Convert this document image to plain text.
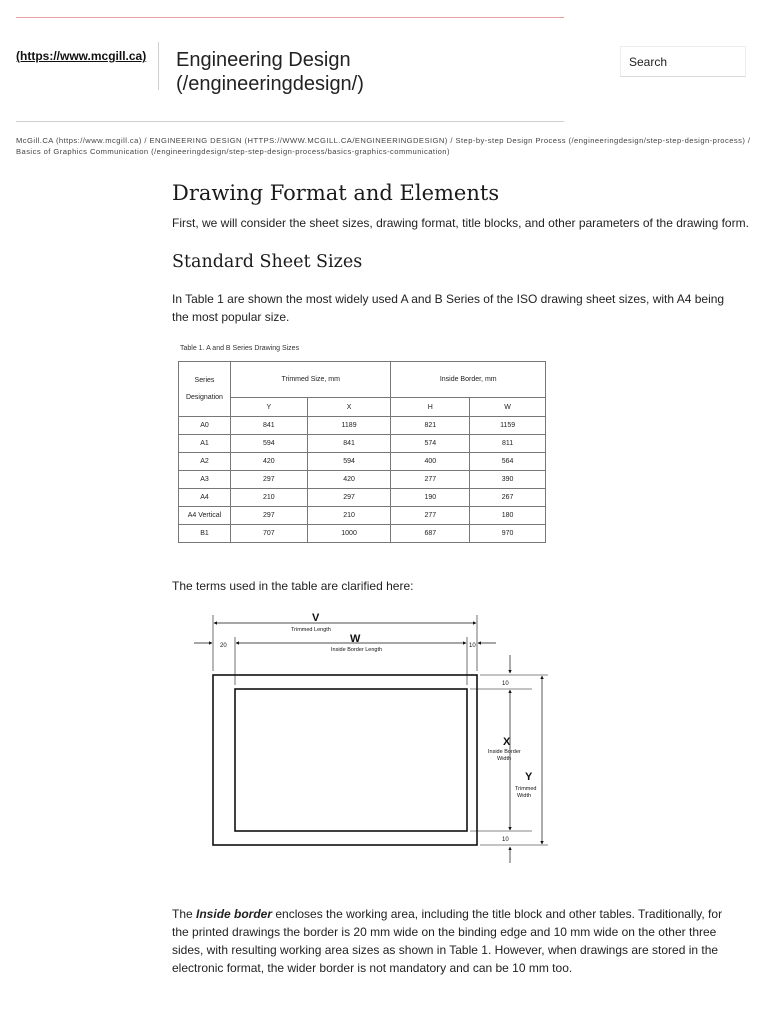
(https://www.mcgill.ca) Engineering Design
(/engineeringdesign/)
Search
McGill.CA (https://www.mcgill.ca) / ENGINEERING DESIGN (HTTPS://WWW.MCGILL.CA/ENGINEERINGDESIGN) / Step-by-step Design Process (/engineeringdesign/step-step-design-process) / Basics of Graphics Communication (/engineeringdesign/step-step-design-process/basics-graphics-communication)
Drawing Format and Elements

First, we will consider the sheet sizes, drawing format, title blocks, and other parameters of the drawing form.

Standard Sheet Sizes

In Table 1 are shown the most widely used A and B Series of the ISO drawing sheet sizes, with A4 being the most popular size.

Table 1. A and B Series Drawing Sizes
Series
Designation	Trimmed Size, mm		Inside Border, mm	
	Y	X	H	W
A0	841	1189	821	1159
A1	594	841	574	811
A2	420	594	400	564
A3	297	420	277	390
A4	210	297	190	267
A4 Vertical	297	210	277	180
B1	707	1000	687	970

The terms used in the table are clarified here:

V
Trimmed Length
W
Inside Border Length
20	10
10
10
X
Inside Border
Width
Y
Trimmed
Width

The Inside border encloses the working area, including the title block and other tables. Traditionally, for the printed drawings the border is 20 mm wide on the binding edge and 10 mm wide on the other three sides, with resulting working area sizes as shown in Table 1. However, when drawings are stored in the electronic format, the wider border is not mandatory and can be 10 mm too.
